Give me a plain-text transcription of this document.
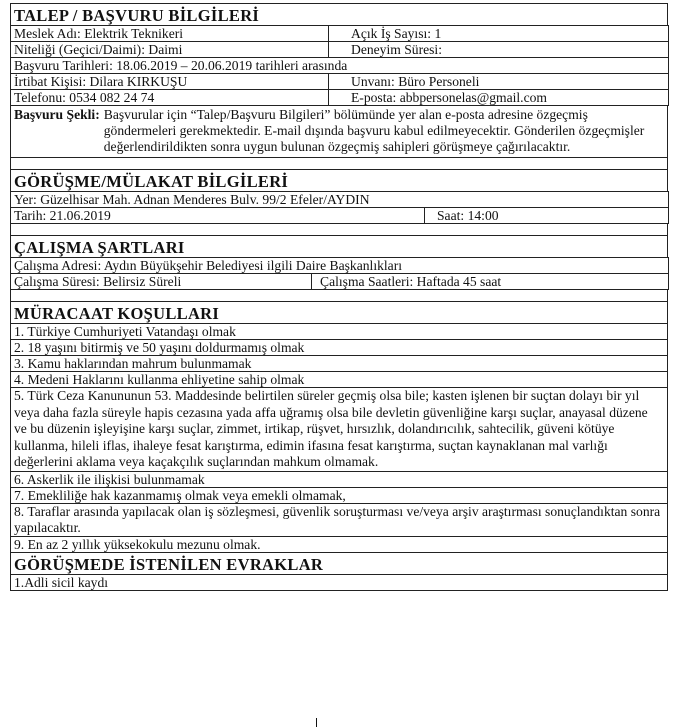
TALEP / BAŞVURU BİLGİLERİ
Meslek Adı: Elektrik Teknikeri	Açık İş Sayısı: 1
Niteliği (Geçici/Daimi): Daimi	Deneyim Süresi:
Başvuru Tarihleri: 18.06.2019 – 20.06.2019 tarihleri arasında	
İrtibat Kişisi: Dilara KIRKUŞU	Unvanı: Büro Personeli
Telefonu: 0534 082 24 74	E-posta: abbpersonelas@gmail.com
Başvuru Şekli: Başvurular için “Talep/Başvuru Bilgileri” bölümünde yer alan e-posta adresine özgeçmiş göndermeleri gerekmektedir. E-mail dışında başvuru kabul edilmeyecektir. Gönderilen özgeçmişler değerlendirildikten sonra uygun bulunan özgeçmiş sahipleri görüşmeye çağırılacaktır.
GÖRÜŞME/MÜLAKAT BİLGİLERİ
Yer: Güzelhisar Mah. Adnan Menderes Bulv. 99/2 Efeler/AYDIN
Tarih: 21.06.2019	Saat: 14:00
ÇALIŞMA ŞARTLARI
Çalışma Adresi: Aydın Büyükşehir Belediyesi ilgili Daire Başkanlıkları
Çalışma Süresi: Belirsiz Süreli	Çalışma Saatleri: Haftada 45 saat
MÜRACAAT KOŞULLARI
1. Türkiye Cumhuriyeti Vatandaşı olmak
2. 18 yaşını bitirmiş ve 50 yaşını doldurmamış olmak
3. Kamu haklarından mahrum bulunmamak
4. Medeni Haklarını kullanma ehliyetine sahip olmak
5. Türk Ceza Kanununun 53. Maddesinde belirtilen süreler geçmiş olsa bile; kasten işlenen bir suçtan dolayı bir yıl veya daha fazla süreyle hapis cezasına yada affa uğramış olsa bile devletin güvenliğine karşı suçlar, anayasal düzene ve bu düzenin işleyişine karşı suçlar, zimmet, irtikap, rüşvet, hırsızlık, dolandırıcılık, sahtecilik, güveni kötüye kullanma, hileli iflas, ihaleye fesat karıştırma, edimin ifasına fesat karıştırma, suçtan kaynaklanan mal varlığı değerlerini aklama veya kaçakçılık suçlarından mahkum olmamak.
6. Askerlik ile ilişkisi bulunmamak
7. Emekliliğe hak kazanmamış olmak veya emekli olmamak,
8. Taraflar arasında yapılacak olan iş sözleşmesi, güvenlik soruşturması ve/veya arşiv araştırması sonuçlandıktan sonra yapılacaktır.
9. En az 2 yıllık yüksekokulu mezunu olmak.
GÖRÜŞMEDE İSTENİLEN EVRAKLAR
1.Adli sicil kaydı
